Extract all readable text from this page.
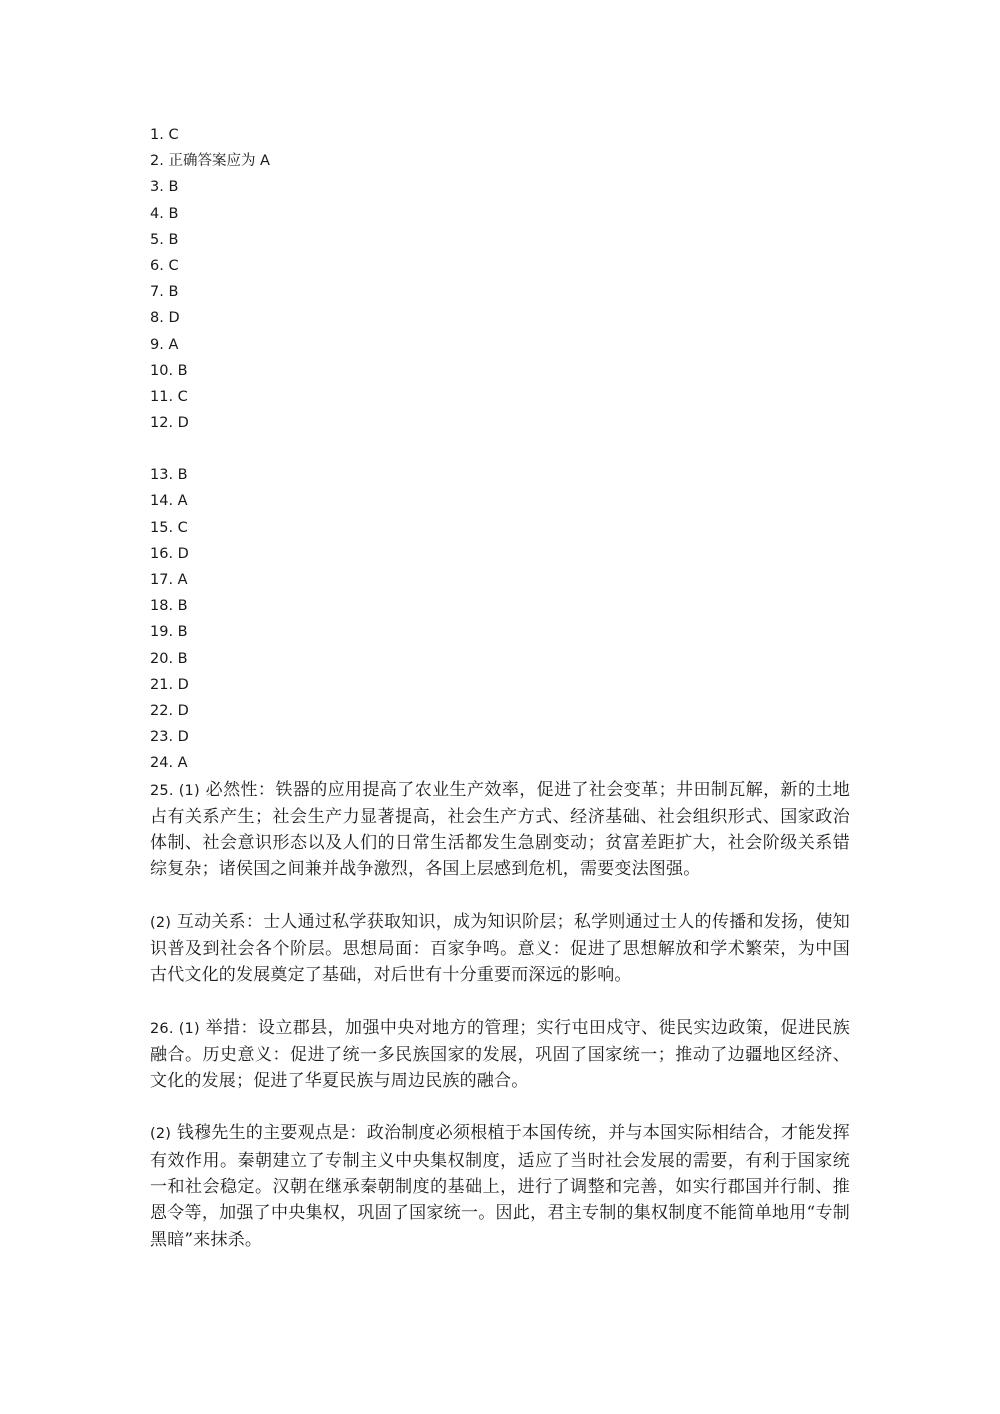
1. C
2. 正确答案应为 A
3. B
4. B
5. B
6. C
7. B
8. D
9. A
10. B
11. C
12. D
13. B
14. A
15. C
16. D
17. A
18. B
19. B
20. B
21. D
22. D
23. D
24. A

25. (1) 必然性：铁器的应用提高了农业生产效率，促进了社会变革；井田制瓦解，新的土地占有关系产生；社会生产力显著提高，社会生产方式、经济基础、社会组织形式、国家政治体制、社会意识形态以及人们的日常生活都发生急剧变动；贫富差距扩大，社会阶级关系错综复杂；诸侯国之间兼并战争激烈，各国上层感到危机，需要变法图强。

(2) 互动关系：士人通过私学获取知识，成为知识阶层；私学则通过士人的传播和发扬，使知识普及到社会各个阶层。思想局面：百家争鸣。意义：促进了思想解放和学术繁荣，为中国古代文化的发展奠定了基础，对后世有十分重要而深远的影响。

26. (1) 举措：设立郡县，加强中央对地方的管理；实行屯田戍守、徙民实边政策，促进民族融合。历史意义：促进了统一多民族国家的发展，巩固了国家统一；推动了边疆地区经济、文化的发展；促进了华夏民族与周边民族的融合。

(2) 钱穆先生的主要观点是：政治制度必须根植于本国传统，并与本国实际相结合，才能发挥有效作用。秦朝建立了专制主义中央集权制度，适应了当时社会发展的需要，有利于国家统一和社会稳定。汉朝在继承秦朝制度的基础上，进行了调整和完善，如实行郡国并行制、推恩令等，加强了中央集权，巩固了国家统一。因此，君主专制的集权制度不能简单地用“专制黑暗”来抹杀。
